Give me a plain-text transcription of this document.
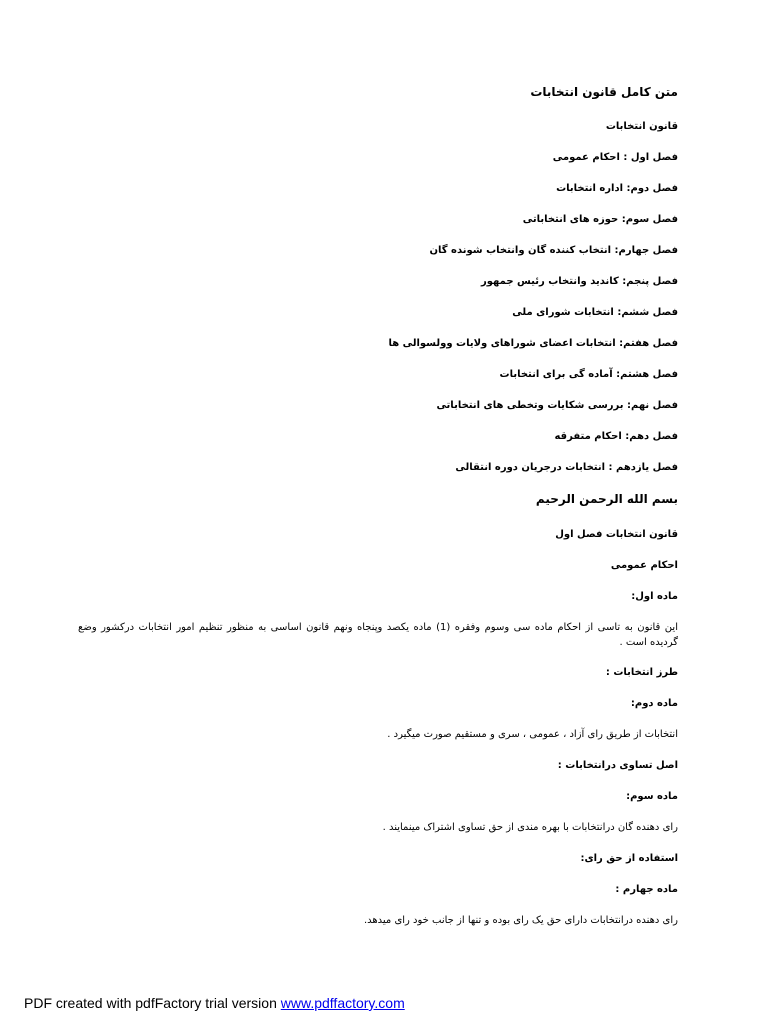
متن کامل قانون انتخابات
قانون انتخابات
فصل اول : احکام عمومی
فصل دوم: اداره انتخابات
فصل سوم: حوزه های انتخاباتی
فصل جهارم: انتخاب کننده گان وانتخاب شونده گان
فصل پنجم: کاندید وانتخاب رئیس جمهور
فصل ششم: انتخابات شورای ملی
فصل هفتم: انتخابات اعضای شوراهای ولایات وولسوالی ها
فصل هشتم: آماده گی برای انتخابات
فصل نهم: بررسی شکایات وتخطی های انتخاباتی
فصل دهم: احکام متفرقه
فصل یازدهم : انتخابات درجریان دوره انتقالی
بسم الله الرحمن الرحیم
قانون انتخابات فصل اول
احکام عمومی
ماده اول:
این قانون به تاسی از احکام ماده سی وسوم وفقره (1) ماده یکصد وپنجاه ونهم قانون اساسی به منظور تنظیم امور انتخابات درکشور وضع گردیده است .
طرز انتخابات :
ماده دوم:
انتخابات از طریق رای آزاد ، عمومی ، سری و مستقیم صورت میگیرد .
اصل تساوی درانتخابات :
ماده سوم:
رای دهنده گان درانتخابات با بهره مندی از حق تساوی اشتراک مینمایند .
استفاده از حق رای:
ماده جهارم :
رای دهنده درانتخابات دارای حق یک رای بوده و تنها از جانب خود رای میدهد.
PDF created with pdfFactory trial version www.pdffactory.com
